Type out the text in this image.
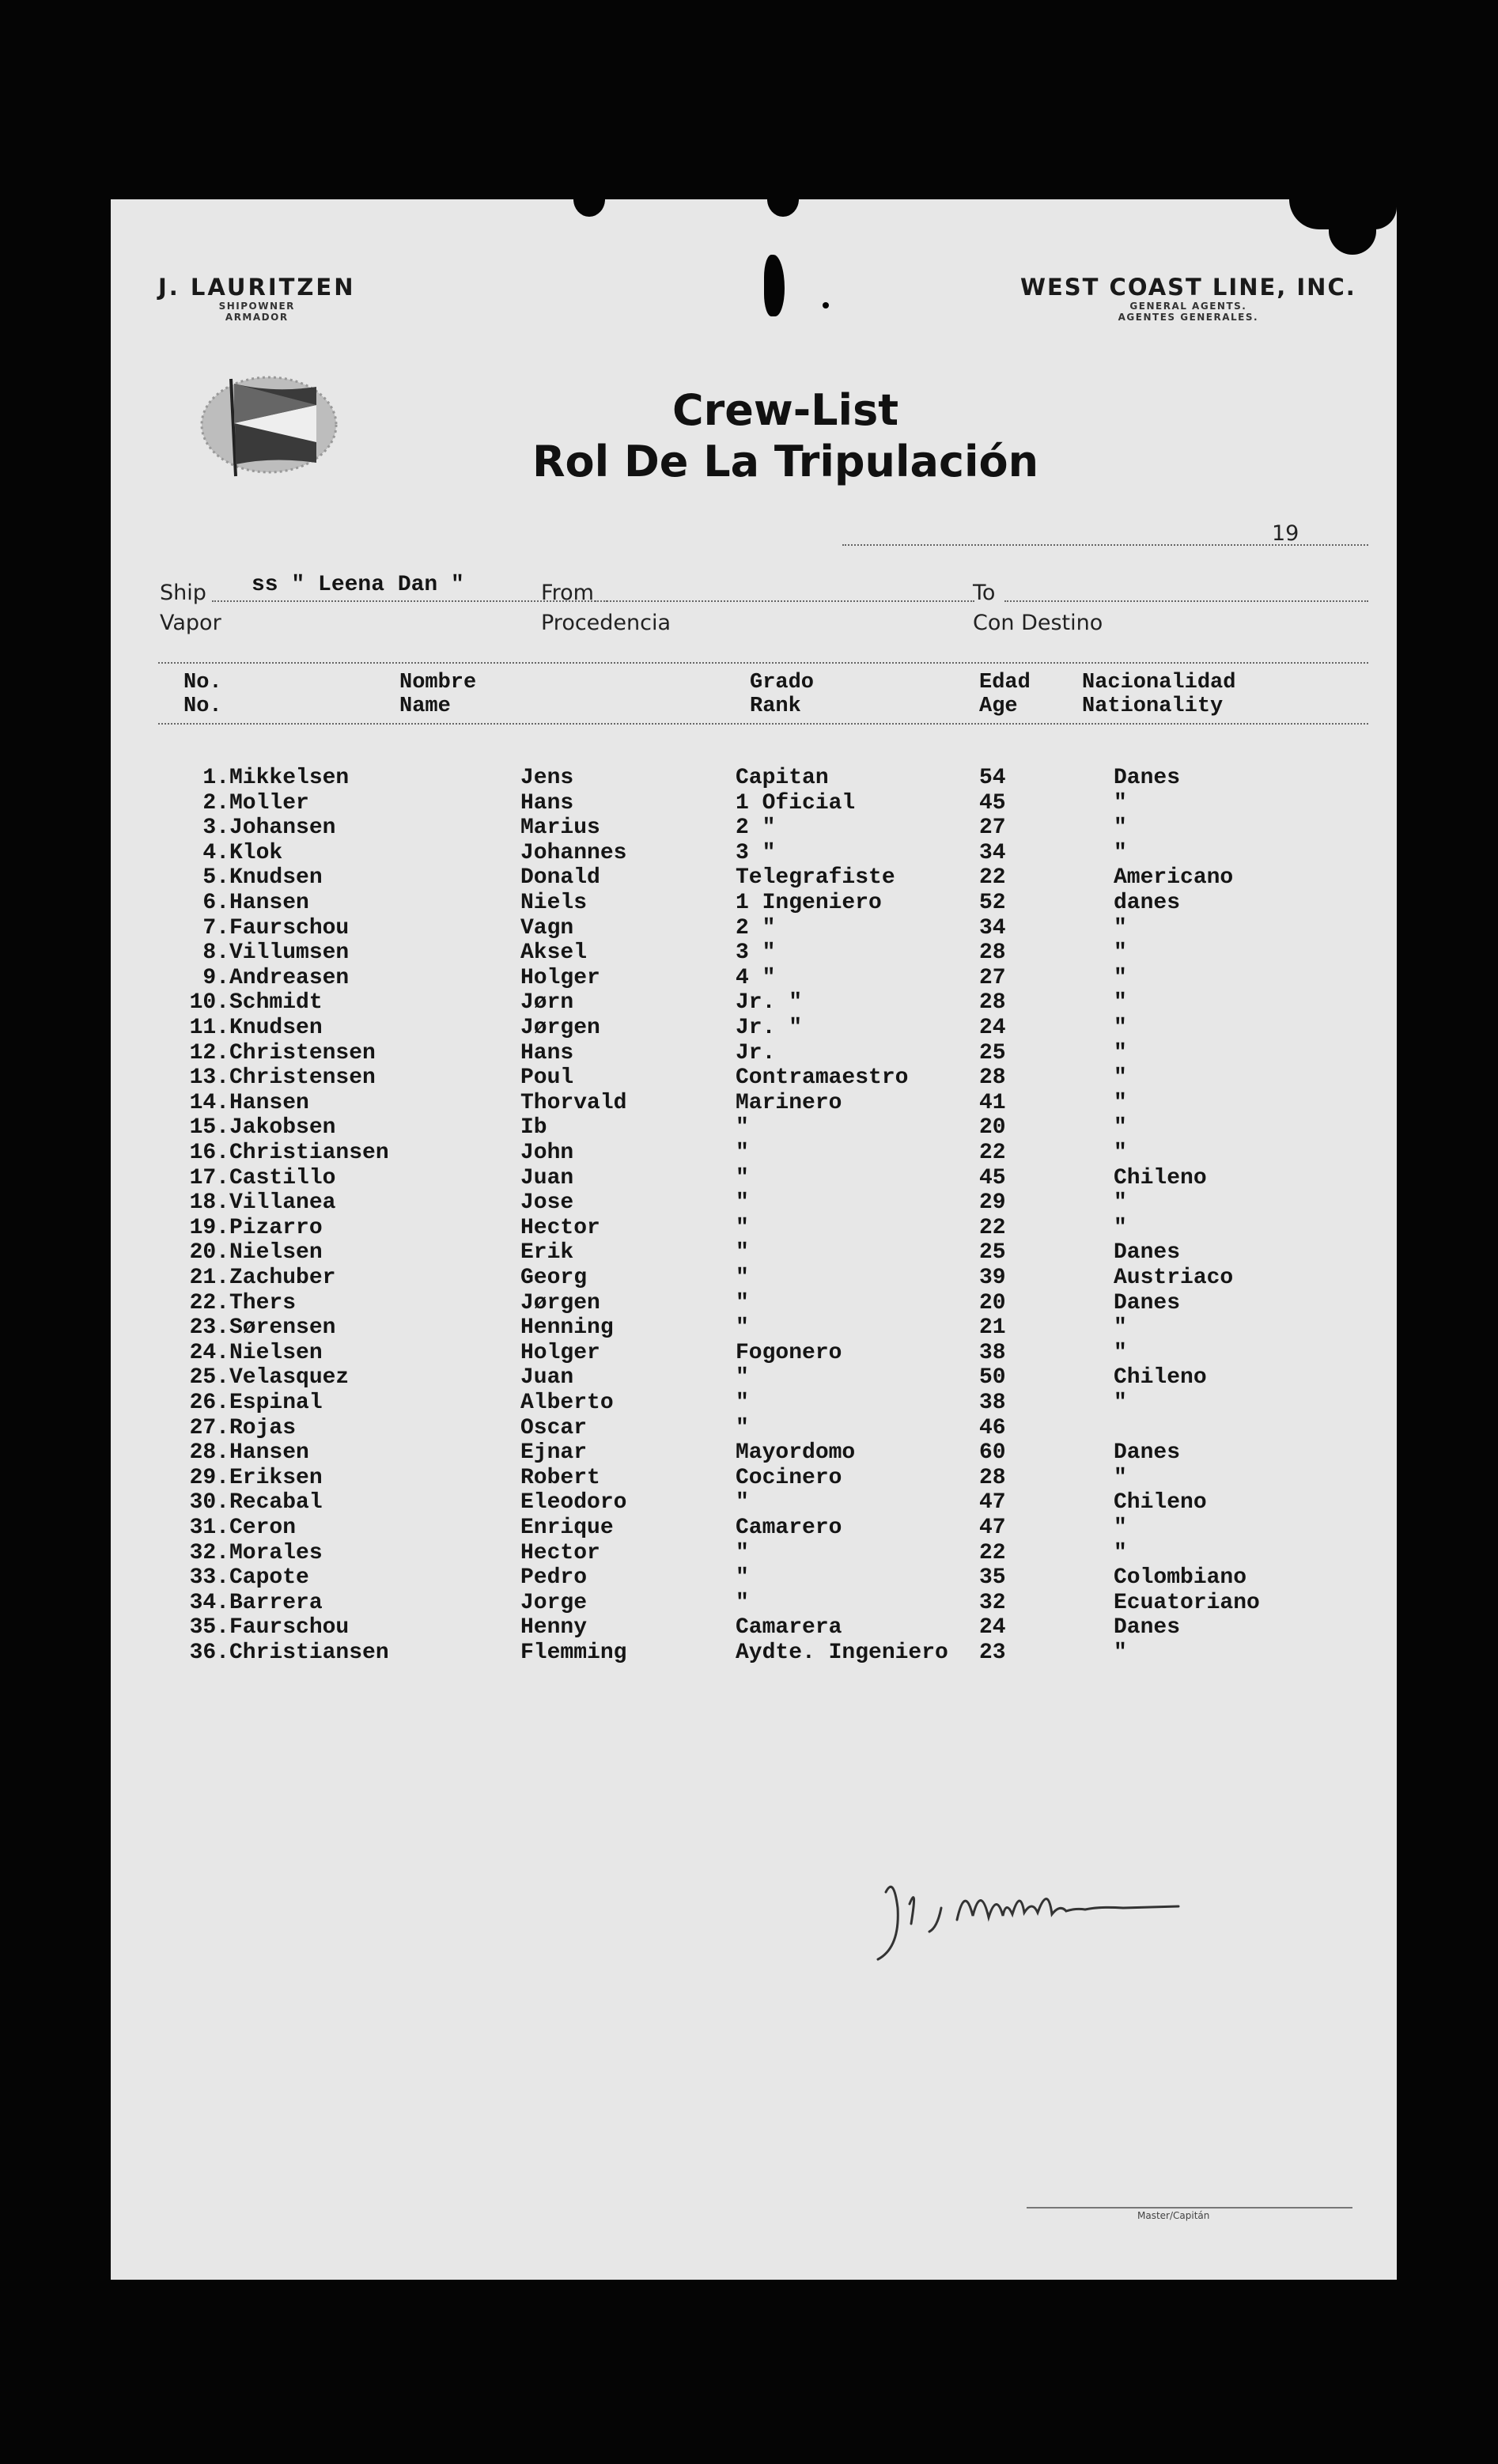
J. LAURITZEN
SHIPOWNER
ARMADOR
WEST COAST LINE, INC.
GENERAL AGENTS.
AGENTES GENERALES.
Crew-List
Rol De La Tripulación
19
Ship
Vapor
ss " Leena Dan "	From
Procedencia
To
Con Destino
No.
No.
Nombre
Name
Grado
Rank
Edad
Age
Nacionalidad
Nationality
1. Mikkelsen	Jens	Capitan	54	Danes
2. Moller	Hans	1 Oficial	45	"
3. Johansen	Marius	2 "	27	"
4. Klok	Johannes	3 "	34	"
5. Knudsen	Donald	Telegrafiste	22	Americano
6. Hansen	Niels	1 Ingeniero	52	danes
7. Faurschou	Vagn	2 "	34	"
8. Villumsen	Aksel	3 "	28	"
9. Andreasen	Holger	4 "	27	"
10. Schmidt	Jørn	Jr. "	28	"
11. Knudsen	Jørgen	Jr. "	24	"
12. Christensen	Hans	Jr.	25	"
13. Christensen	Poul	Contramaestro	28	"
14. Hansen	Thorvald	Marinero	41	"
15. Jakobsen	Ib	"	20	"
16. Christiansen	John	"	22	"
17. Castillo	Juan	"	45	Chileno
18. Villanea	Jose	"	29	"
19. Pizarro	Hector	"	22	"
20. Nielsen	Erik	"	25	Danes
21. Zachuber	Georg	"	39	Austriaco
22. Thers	Jørgen	"	20	Danes
23. Sørensen	Henning	"	21	"
24. Nielsen	Holger	Fogonero	38	"
25. Velasquez	Juan	"	50	Chileno
26. Espinal	Alberto	"	38	"
27. Rojas	Oscar	"	46
28. Hansen	Ejnar	Mayordomo	60	Danes
29. Eriksen	Robert	Cocinero	28	"
30. Recabal	Eleodoro	"	47	Chileno
31. Ceron	Enrique	Camarero	47	"
32. Morales	Hector	"	22	"
33. Capote	Pedro	"	35	Colombiano
34. Barrera	Jorge	"	32	Ecuatoriano
35. Faurschou	Henny	Camarera	24	Danes
36. Christiansen	Flemming	Aydte. Ingeniero 23	"
Master/Capitán
